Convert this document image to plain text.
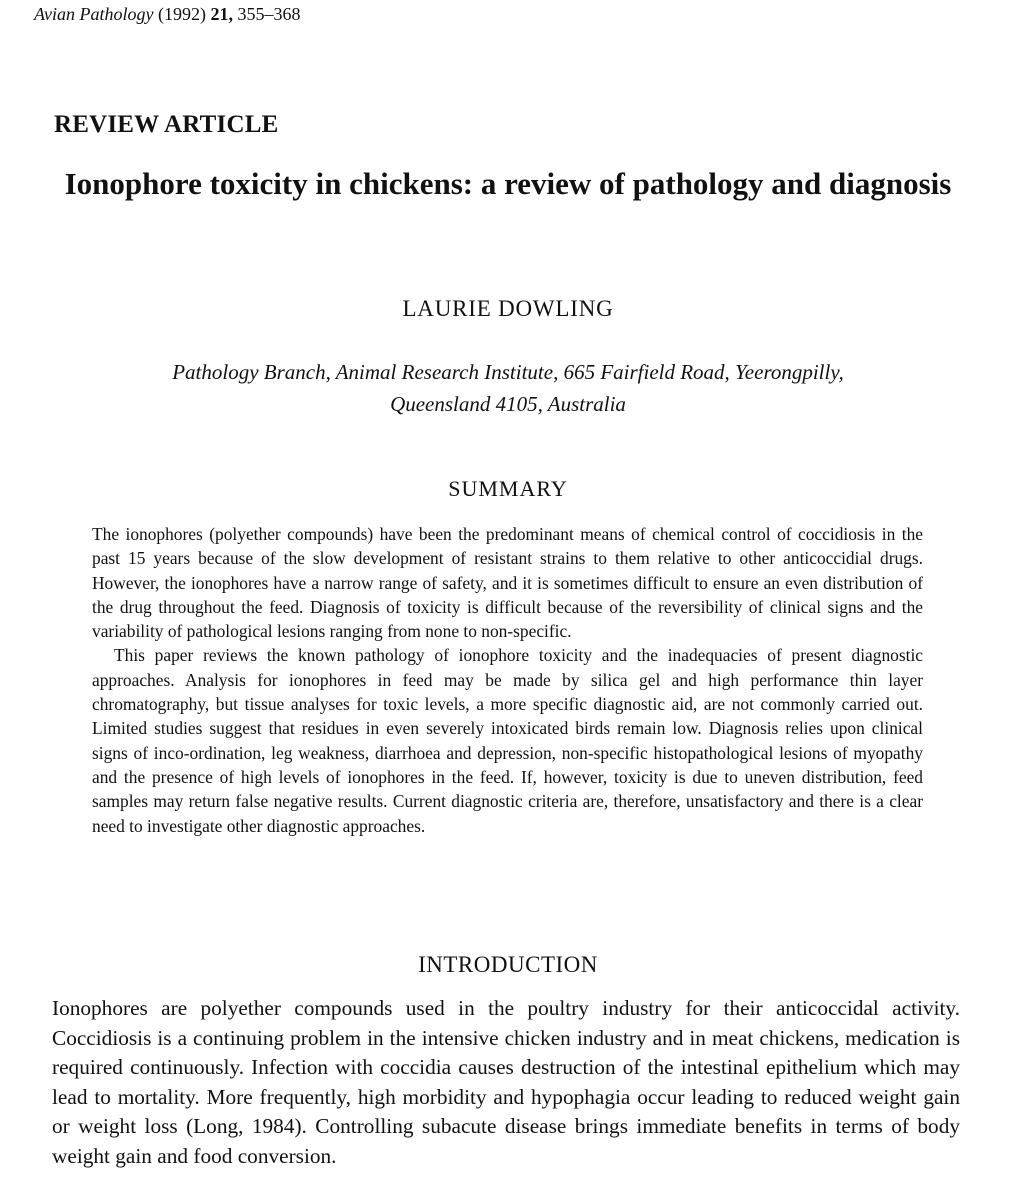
Avian Pathology (1992) 21, 355–368
REVIEW ARTICLE
Ionophore toxicity in chickens: a review of pathology and diagnosis
LAURIE DOWLING
Pathology Branch, Animal Research Institute, 665 Fairfield Road, Yeerongpilly,
Queensland 4105, Australia
SUMMARY

The ionophores (polyether compounds) have been the predominant means of chemical control of coccidiosis in the past 15 years because of the slow development of resistant strains to them relative to other anticoccidial drugs. However, the ionophores have a narrow range of safety, and it is sometimes difficult to ensure an even distribution of the drug throughout the feed. Diagnosis of toxicity is difficult because of the reversibility of clinical signs and the variability of pathological lesions ranging from none to non-specific.

This paper reviews the known pathology of ionophore toxicity and the inadequacies of present diagnostic approaches. Analysis for ionophores in feed may be made by silica gel and high performance thin layer chromatography, but tissue analyses for toxic levels, a more specific diagnostic aid, are not commonly carried out. Limited studies suggest that residues in even severely intoxicated birds remain low. Diagnosis relies upon clinical signs of inco-ordination, leg weakness, diarrhoea and depression, non-specific histopathological lesions of myopathy and the presence of high levels of ionophores in the feed. If, however, toxicity is due to uneven distribution, feed samples may return false negative results. Current diagnostic criteria are, therefore, unsatisfactory and there is a clear need to investigate other diagnostic approaches.

INTRODUCTION

Ionophores are polyether compounds used in the poultry industry for their anticoccidal activity. Coccidiosis is a continuing problem in the intensive chicken industry and in meat chickens, medication is required continuously. Infection with coccidia causes destruction of the intestinal epithelium which may lead to mortality. More frequently, high morbidity and hypophagia occur leading to reduced weight gain or weight loss (Long, 1984). Controlling subacute disease brings immediate benefits in terms of body weight gain and food conversion.
